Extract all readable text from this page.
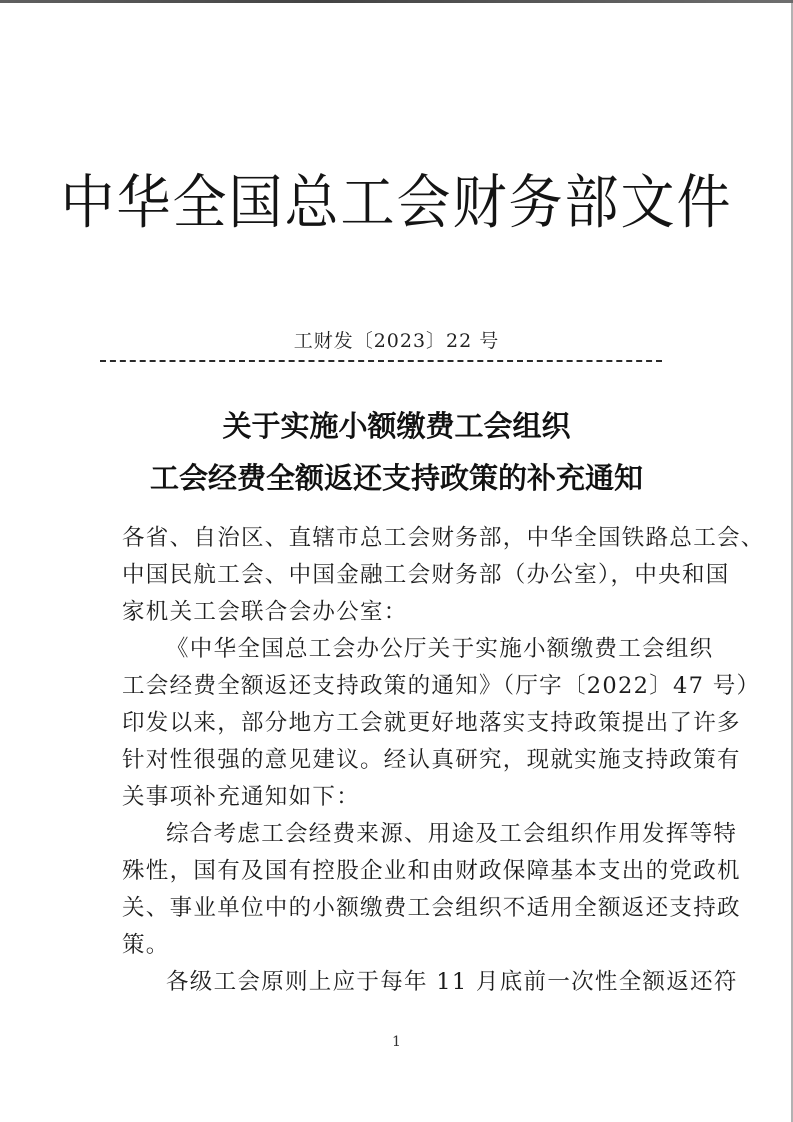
中华全国总工会财务部文件
工财发〔2023〕22 号
关于实施小额缴费工会组织
工会经费全额返还支持政策的补充通知
各省、自治区、直辖市总工会财务部，中华全国铁路总工会、
中国民航工会、中国金融工会财务部（办公室），中央和国
家机关工会联合会办公室：
《中华全国总工会办公厅关于实施小额缴费工会组织
工会经费全额返还支持政策的通知》（厅字〔2022〕47 号）
印发以来，部分地方工会就更好地落实支持政策提出了许多
针对性很强的意见建议。经认真研究，现就实施支持政策有
关事项补充通知如下：
综合考虑工会经费来源、用途及工会组织作用发挥等特
殊性，国有及国有控股企业和由财政保障基本支出的党政机
关、事业单位中的小额缴费工会组织不适用全额返还支持政
策。
各级工会原则上应于每年 11 月底前一次性全额返还符
1
